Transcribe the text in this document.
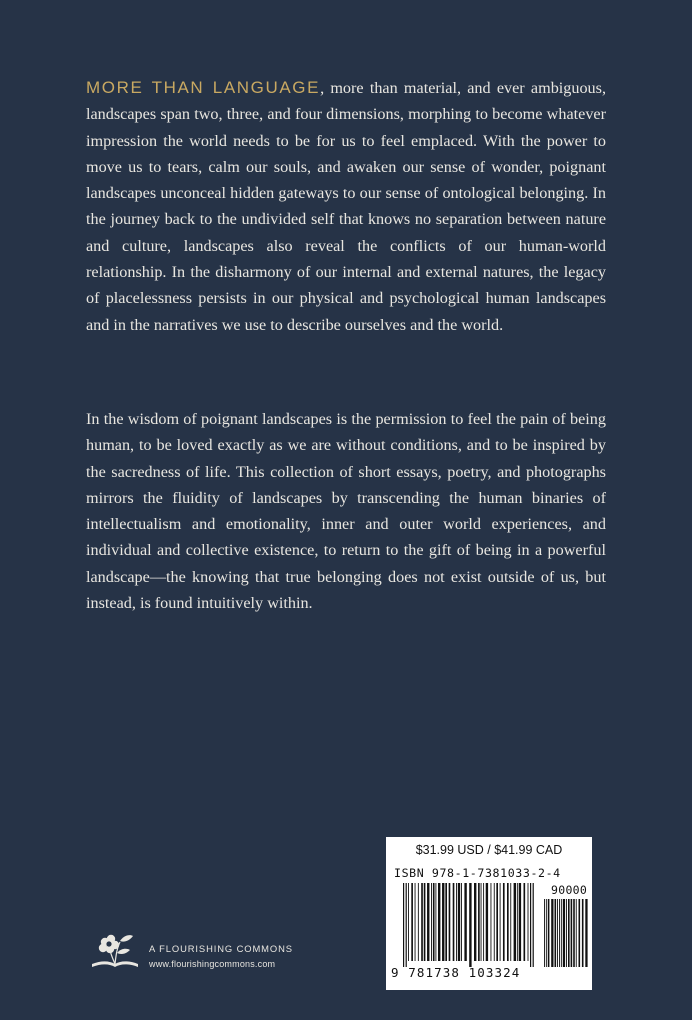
MORE THAN LANGUAGE, more than material, and ever ambiguous, landscapes span two, three, and four dimensions, morphing to become whatever impression the world needs to be for us to feel emplaced. With the power to move us to tears, calm our souls, and awaken our sense of wonder, poignant landscapes unconceal hidden gateways to our sense of ontological belonging. In the journey back to the undivided self that knows no separation between nature and culture, landscapes also reveal the conflicts of our human-world relationship. In the disharmony of our internal and external natures, the legacy of placelessness persists in our physical and psychological human landscapes and in the narratives we use to describe ourselves and the world.

In the wisdom of poignant landscapes is the permission to feel the pain of being human, to be loved exactly as we are without conditions, and to be inspired by the sacredness of life. This collection of short essays, poetry, and photographs mirrors the fluidity of landscapes by transcending the human binaries of intellectualism and emotionality, inner and outer world experiences, and individual and collective existence, to return to the gift of being in a powerful landscape—the knowing that true belonging does not exist outside of us, but instead, is found intuitively within.

$31.99 USD / $41.99 CAD
ISBN 978-1-7381033-2-4
90000
9 781738 103324
A FLOURISHING COMMONS
www.flourishingcommons.com
